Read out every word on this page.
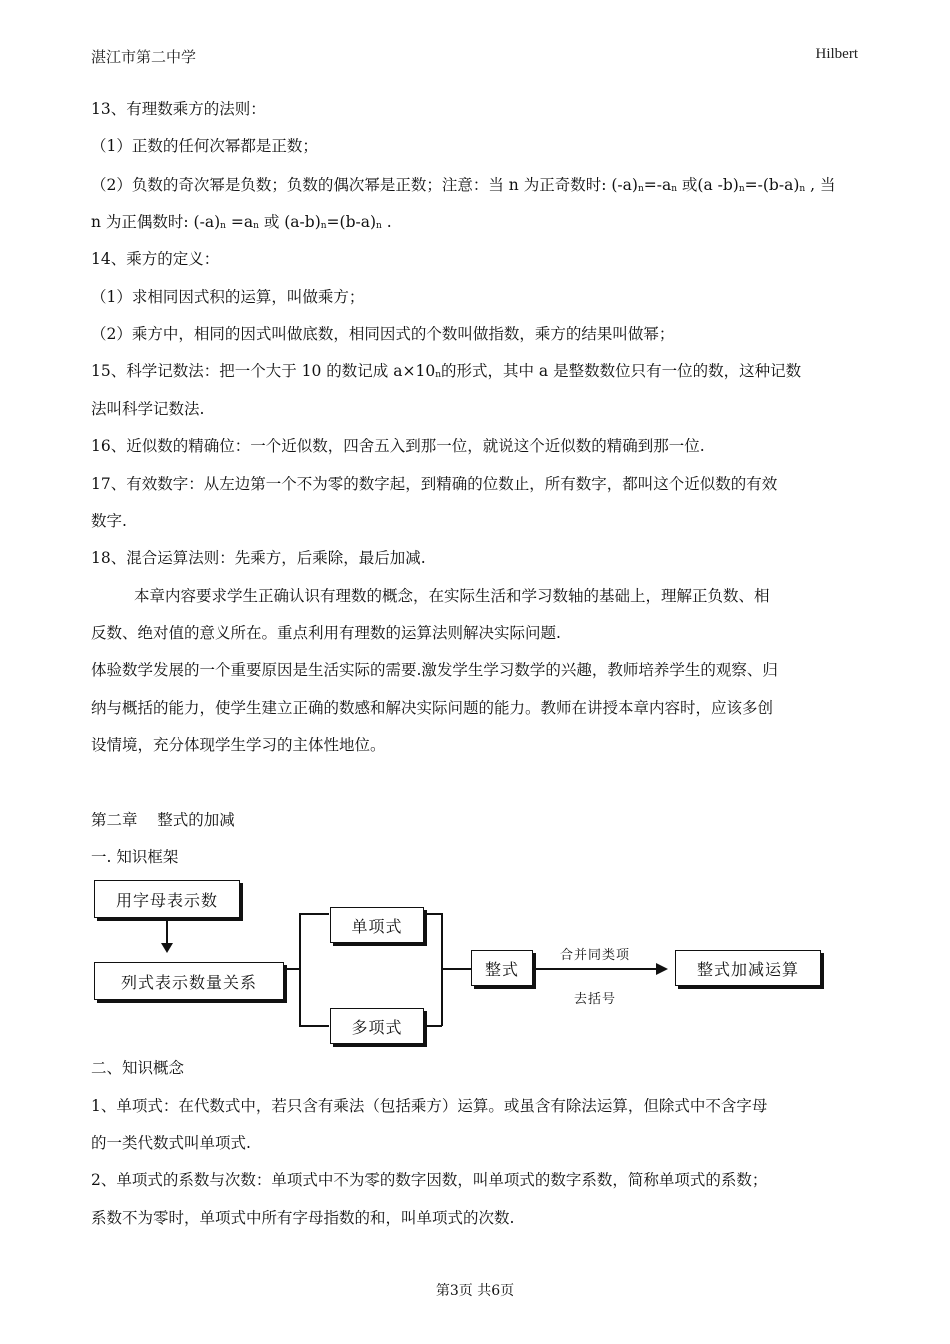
湛江市第二中学	Hilbert
13、有理数乘方的法则：
（1）正数的任何次幂都是正数；
（2）负数的奇次幂是负数；负数的偶次幂是正数；注意：当 n 为正奇数时: (-a)n=-an 或(a -b)n=-(b-a)n , 当
n 为正偶数时: (-a)n =an 或 (a-b)n=(b-a)n .
14、乘方的定义：
（1）求相同因式积的运算，叫做乘方；
（2）乘方中，相同的因式叫做底数，相同因式的个数叫做指数，乘方的结果叫做幂；
15、科学记数法：把一个大于 10 的数记成 a×10n的形式，其中 a 是整数数位只有一位的数，这种记数
法叫科学记数法.
16、近似数的精确位：一个近似数，四舍五入到那一位，就说这个近似数的精确到那一位.
17、有效数字：从左边第一个不为零的数字起，到精确的位数止，所有数字，都叫这个近似数的有效
数字.
18、混合运算法则：先乘方，后乘除，最后加减.
本章内容要求学生正确认识有理数的概念，在实际生活和学习数轴的基础上，理解正负数、相
反数、绝对值的意义所在。重点利用有理数的运算法则解决实际问题.
体验数学发展的一个重要原因是生活实际的需要.激发学生学习数学的兴趣，教师培养学生的观察、归
纳与概括的能力，使学生建立正确的数感和解决实际问题的能力。教师在讲授本章内容时，应该多创
设情境，充分体现学生学习的主体性地位。
第二章    整式的加减
一. 知识框架
用字母表示数
列式表示数量关系
单项式
多项式
整式
合并同类项
去括号
整式加减运算
二、知识概念
1、单项式：在代数式中，若只含有乘法（包括乘方）运算。或虽含有除法运算，但除式中不含字母
的一类代数式叫单项式.
2、单项式的系数与次数：单项式中不为零的数字因数，叫单项式的数字系数，简称单项式的系数；
系数不为零时，单项式中所有字母指数的和，叫单项式的次数.
第3页 共6页
